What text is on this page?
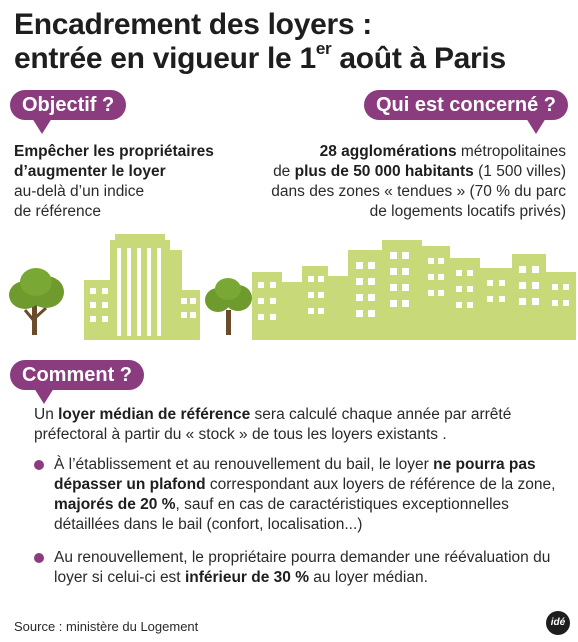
Encadrement des loyers :
entrée en vigueur le 1er août à Paris
Objectif ?	Qui est concerné ?
Empêcher les propriétaires
d’augmenter le loyer
au-delà d’un indice
de référence
28 agglomérations métropolitaines
de plus de 50 000 habitants (1 500 villes)
dans des zones « tendues » (70 % du parc
de logements locatifs privés)
Comment ?
Un loyer médian de référence sera calculé chaque année par arrêté préfectoral à partir du « stock » de tous les loyers existants .
À l’établissement et au renouvellement du bail, le loyer ne pourra pas dépasser un plafond correspondant aux loyers de référence de la zone, majorés de 20 %, sauf en cas de caractéristiques exceptionnelles détaillées dans le bail (confort, localisation...)
Au renouvellement, le propriétaire pourra demander une réévaluation du loyer si celui-ci est inférieur de 30 % au loyer médian.
Source : ministère du Logement	idé
